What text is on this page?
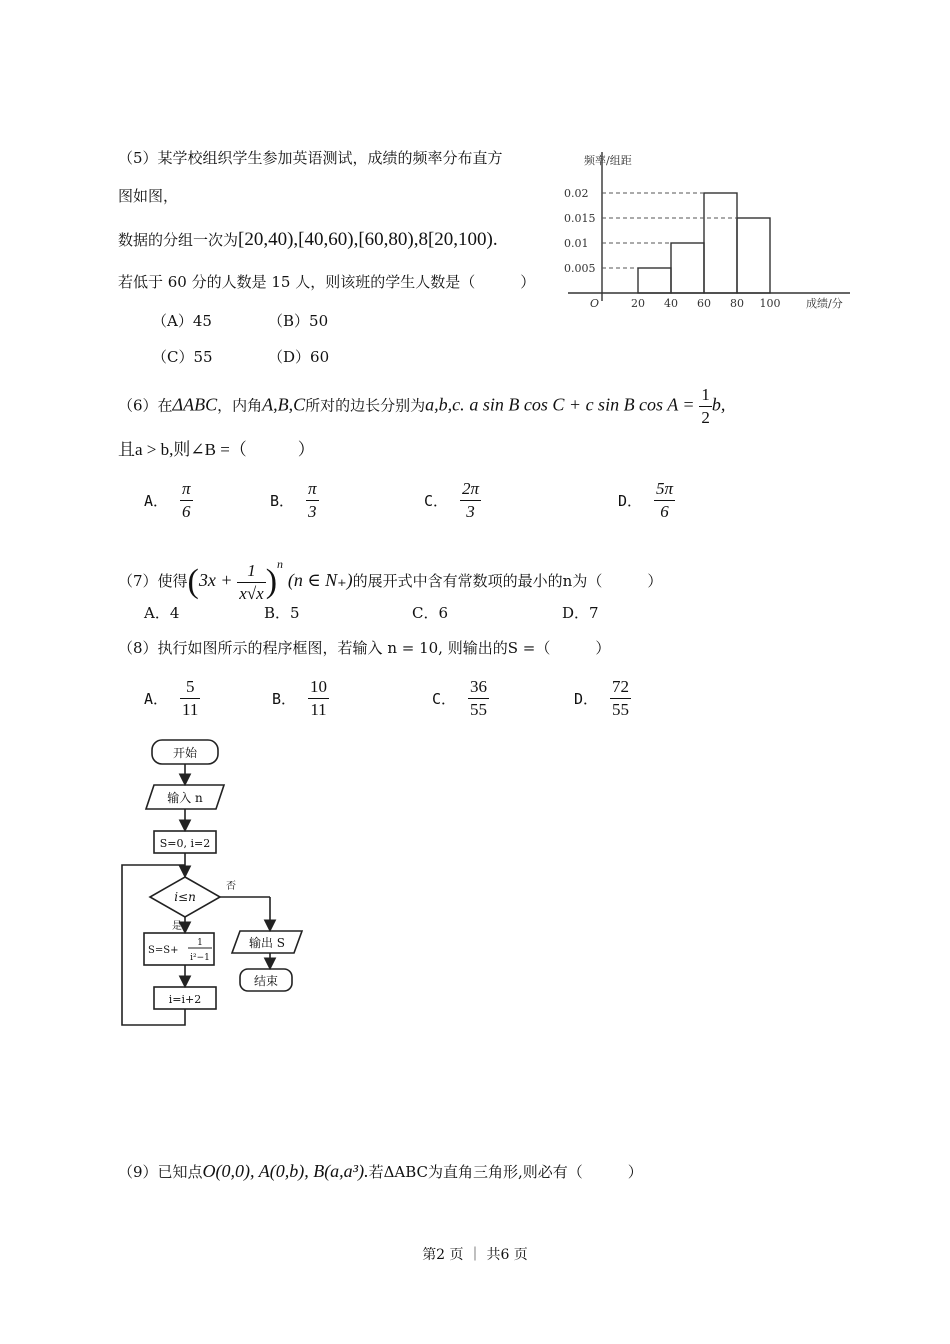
（5）某学校组织学生参加英语测试，成绩的频率分布直方
图如图，
数据的分组一次为[20,40),[40,60),[60,80),8[20,100).
若低于 60 分的人数是 15 人，则该班的学生人数是（　　　）
（A）45	（B）50
（C）55	（D）60
频率/组距
成绩/分
O
0.005
0.01
0.015
0.02
20 40 60 80 100
（6）在ΔABC，内角A,B,C所对的边长分别为a,b,c. a sin B cos C + c sin B $\cos A = \frac{1}{2} b$,
且a > b,则∠B =（　　　）
A． $\frac{\pi}{6}$	B． $\frac{\pi}{3}$	C． $\frac{2\pi}{3}$	D． $\frac{5\pi}{6}$
（7）使得$(3x + \frac{1}{x√x} )^n$ (n ∈ N₊)的展开式中含有常数项的最小的n为（　　　）
A．4	B．5	C．6	D．7
（8）执行如图所示的程序框图，若输入 n = 10, 则输出的S =（　　　）
A． $\frac{5}{11}$	B． $\frac{10}{11}$	C． $\frac{36}{55}$	D． $\frac{72}{55}$
开始
输入 n
S=0, i=2
i≤n
否
是
S=S+
1
i²−1
i=i+2
输出 S
结束
（9）已知点O(0,0), A(0,b), B(a,a³).若ΔABC为直角三角形,则必有（　　　）
第2 页 ｜ 共6 页
